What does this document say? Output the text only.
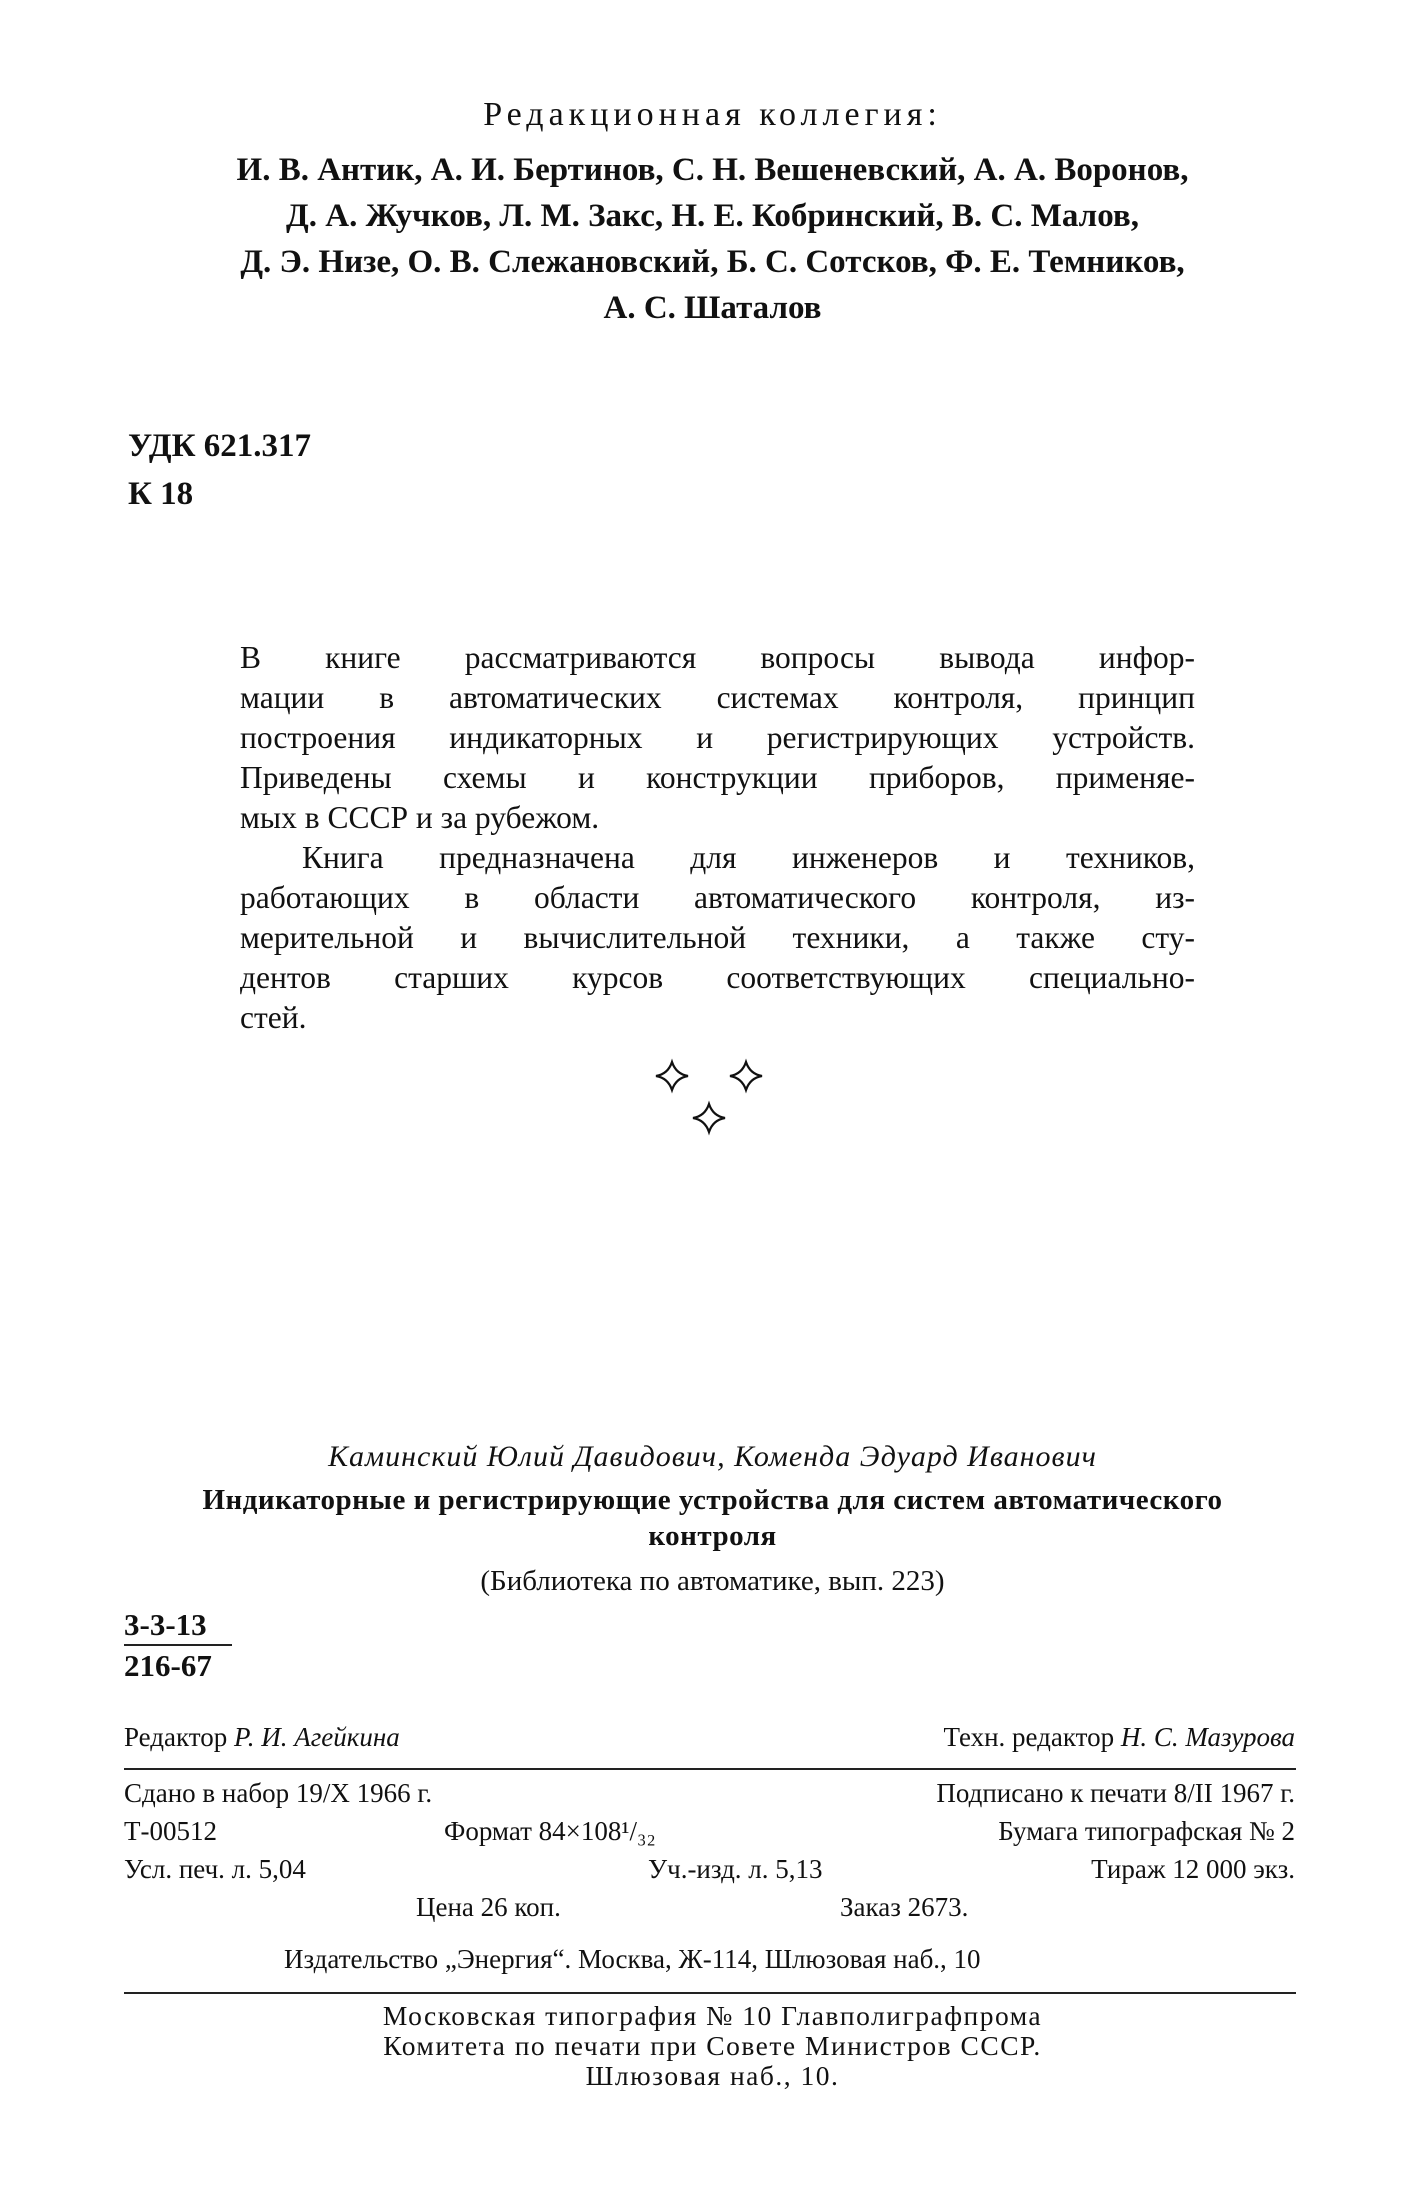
Редакционная коллегия:
И. В. Антик, А. И. Бертинов, С. Н. Вешеневский, А. А. Воронов,
Д. А. Жучков, Л. М. Закс, Н. Е. Кобринский, В. С. Малов,
Д. Э. Низе, О. В. Слежановский, Б. С. Сотсков, Ф. Е. Темников,
А. С. Шаталов
УДК 621.317
К 18

В книге рассматриваются вопросы вывода инфор-

мации в автоматических системах контроля, принцип

построения индикаторных и регистрирующих устройств.

Приведены схемы и конструкции приборов, применяе-

мых в СССР и за рубежом.

Книга предназначена для инженеров и техников,

работающих в области автоматического контроля, из-

мерительной и вычислительной техники, а также сту-

дентов старших курсов соответствующих специально-

стей.

Каминский Юлий Давидович, Коменда Эдуард Иванович
Индикаторные и регистрирующие устройства для систем автоматического
контроля
(Библиотека по автоматике, вып. 223)
3-3-13
216-67
Редактор Р. И. Агейкина	Техн. редактор Н. С. Мазурова
Сдано в набор 19/X 1966 г.	Подписано к печати 8/II 1967 г.
Т-00512	Формат 84×108¹/₃₂	Бумага типографская № 2
Усл. печ. л. 5,04	Уч.-изд. л. 5,13	Тираж 12 000 экз.
Цена 26 коп.	Заказ 2673.
Издательство „Энергия“. Москва, Ж-114, Шлюзовая наб., 10
Московская типография № 10 Главполиграфпрома
Комитета по печати при Совете Министров СССР.
Шлюзовая наб., 10.
